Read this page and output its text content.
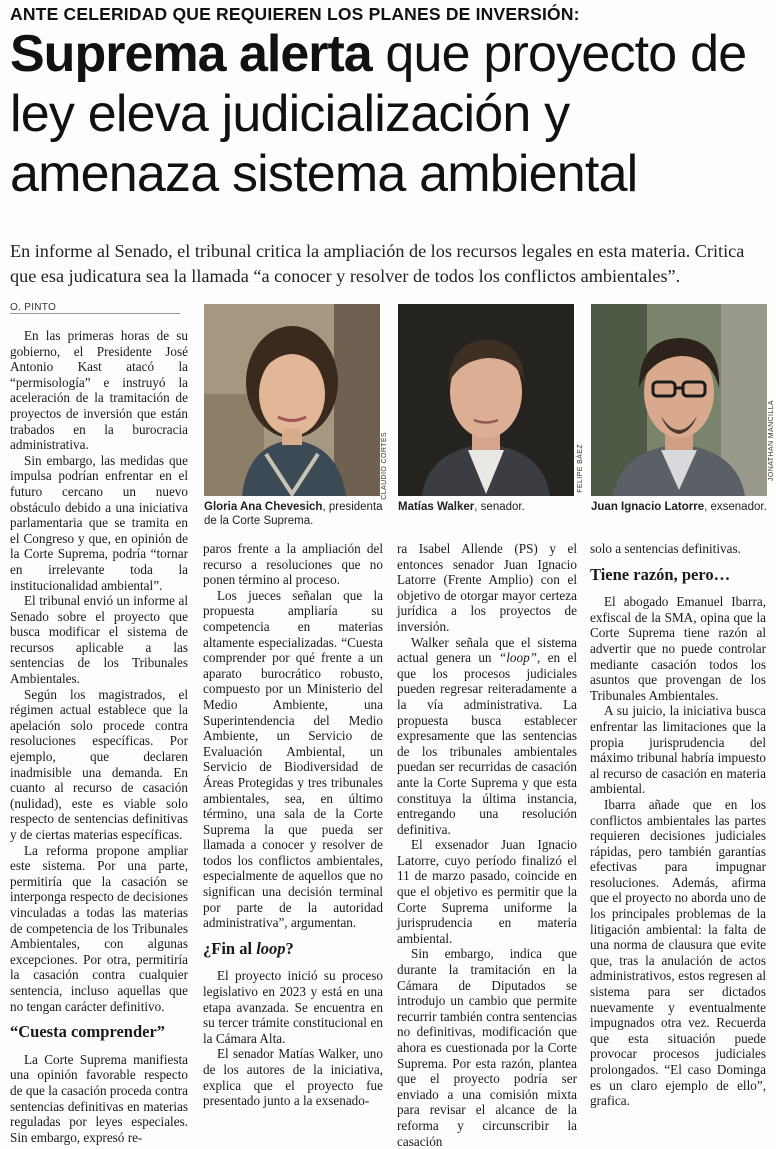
ANTE CELERIDAD QUE REQUIEREN LOS PLANES DE INVERSIÓN:
Suprema alerta que proyecto de ley eleva judicialización y amenaza sistema ambiental

En informe al Senado, el tribunal critica la ampliación de los recursos legales en esta materia. Critica que esa judicatura sea la llamada “a conocer y resolver de todos los conflictos ambientales”.

O. PINTO
CLAUDIO CORTÉS	FELIPE BÁEZ	JONATHAN MANCILLA
Gloria Ana Chevesich, presidenta de la Corte Suprema.
Matías Walker, senador.	Juan Ignacio Latorre, exsenador.

En las primeras horas de su gobierno, el Presidente José Antonio Kast atacó la “permisología” e instruyó la aceleración de la tramitación de proyectos de inversión que están trabados en la burocracia administrativa.

Sin embargo, las medidas que impulsa podrían enfrentar en el futuro cercano un nuevo obstáculo debido a una iniciativa parlamentaria que se tramita en el Congreso y que, en opinión de la Corte Suprema, podría “tornar en irrelevante toda la institucionalidad ambiental”.

El tribunal envió un informe al Senado sobre el proyecto que busca modificar el sistema de recursos aplicable a las sentencias de los Tribunales Ambientales.

Según los magistrados, el régimen actual establece que la apelación solo procede contra resoluciones específicas. Por ejemplo, que declaren inadmisible una demanda. En cuanto al recurso de casación (nulidad), este es viable solo respecto de sentencias definitivas y de ciertas materias específicas.

La reforma propone ampliar este sistema. Por una parte, permitiría que la casación se interponga respecto de decisiones vinculadas a todas las materias de competencia de los Tribunales Ambientales, con algunas excepciones. Por otra, permitiría la casación contra cualquier sentencia, incluso aquellas que no tengan carácter definitivo.

“Cuesta comprender”

La Corte Suprema manifiesta una opinión favorable respecto de que la casación proceda contra sentencias definitivas en materias reguladas por leyes especiales. Sin embargo, expresó re-

paros frente a la ampliación del recurso a resoluciones que no ponen término al proceso.

Los jueces señalan que la propuesta ampliaría su competencia en materias altamente especializadas. “Cuesta comprender por qué frente a un aparato burocrático robusto, compuesto por un Ministerio del Medio Ambiente, una Superintendencia del Medio Ambiente, un Servicio de Evaluación Ambiental, un Servicio de Biodiversidad de Áreas Protegidas y tres tribunales ambientales, sea, en último término, una sala de la Corte Suprema la que pueda ser llamada a conocer y resolver de todos los conflictos ambientales, especialmente de aquellos que no significan una decisión terminal por parte de la autoridad administrativa”, argumentan.

¿Fin al loop?

El proyecto inició su proceso legislativo en 2023 y está en una etapa avanzada. Se encuentra en su tercer trámite constitucional en la Cámara Alta.

El senador Matías Walker, uno de los autores de la iniciativa, explica que el proyecto fue presentado junto a la exsenado-

ra Isabel Allende (PS) y el entonces senador Juan Ignacio Latorre (Frente Amplio) con el objetivo de otorgar mayor certeza jurídica a los proyectos de inversión.

Walker señala que el sistema actual genera un “loop”, en el que los procesos judiciales pueden regresar reiteradamente a la vía administrativa. La propuesta busca establecer expresamente que las sentencias de los tribunales ambientales puedan ser recurridas de casación ante la Corte Suprema y que esta constituya la última instancia, entregando una resolución definitiva.

El exsenador Juan Ignacio Latorre, cuyo período finalizó el 11 de marzo pasado, coincide en que el objetivo es permitir que la Corte Suprema uniforme la jurisprudencia en materia ambiental.

Sin embargo, indica que durante la tramitación en la Cámara de Diputados se introdujo un cambio que permite recurrir también contra sentencias no definitivas, modificación que ahora es cuestionada por la Corte Suprema. Por esta razón, plantea que el proyecto podría ser enviado a una comisión mixta para revisar el alcance de la reforma y circunscribir la casación

solo a sentencias definitivas.

Tiene razón, pero…

El abogado Emanuel Ibarra, exfiscal de la SMA, opina que la Corte Suprema tiene razón al advertir que no puede controlar mediante casación todos los asuntos que provengan de los Tribunales Ambientales.

A su juicio, la iniciativa busca enfrentar las limitaciones que la propia jurisprudencia del máximo tribunal habría impuesto al recurso de casación en materia ambiental.

Ibarra añade que en los conflictos ambientales las partes requieren decisiones judiciales rápidas, pero también garantías efectivas para impugnar resoluciones. Además, afirma que el proyecto no aborda uno de los principales problemas de la litigación ambiental: la falta de una norma de clausura que evite que, tras la anulación de actos administrativos, estos regresen al sistema para ser dictados nuevamente y eventualmente impugnados otra vez. Recuerda que esta situación puede provocar procesos judiciales prolongados. “El caso Dominga es un claro ejemplo de ello”, grafica.
